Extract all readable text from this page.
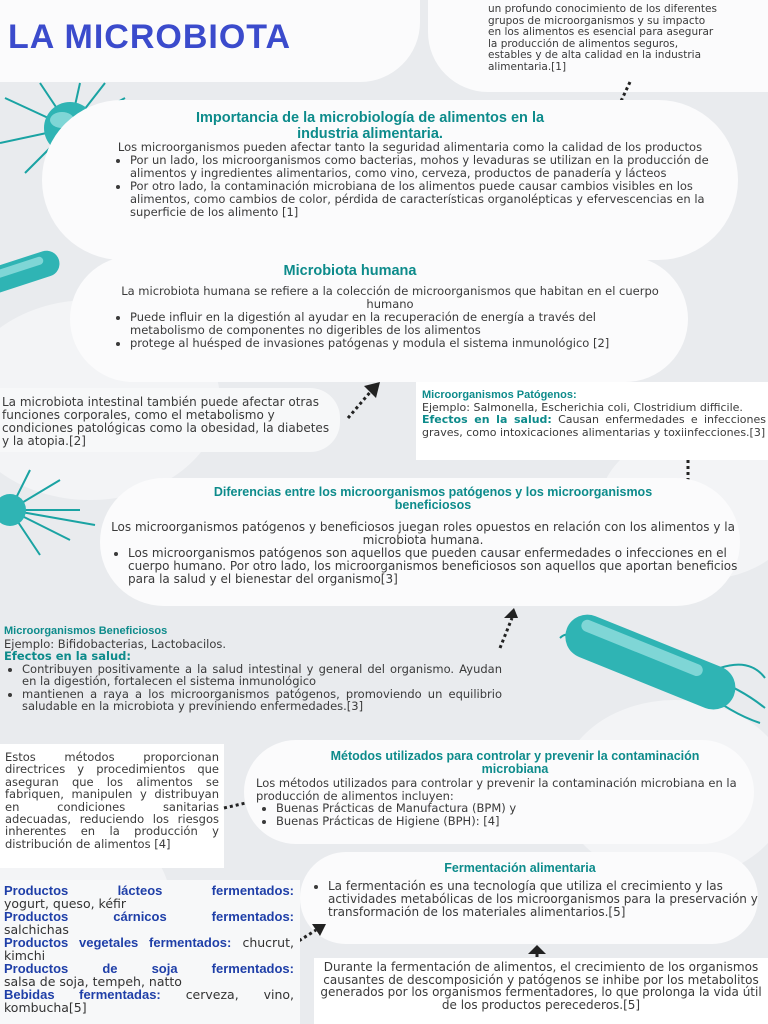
LA MICROBIOTA
un profundo conocimiento de los diferentes grupos de microorganismos y su impacto en los alimentos es esencial para asegurar la producción de alimentos seguros, estables y de alta calidad en la industria alimentaria.[1]
Importancia de la microbiología de alimentos en la industria alimentaria.
Los microorganismos pueden afectar tanto la seguridad alimentaria como la calidad de los productos
• Por un lado, los microorganismos como bacterias, mohos y levaduras se utilizan en la producción de alimentos y ingredientes alimentarios, como vino, cerveza, productos de panadería y lácteos
• Por otro lado, la contaminación microbiana de los alimentos puede causar cambios visibles en los alimentos, como cambios de color, pérdida de características organolépticas y efervescencias en la superficie de los alimento [1]
Microbiota humana
La microbiota humana se refiere a la colección de microorganismos que habitan en el cuerpo humano
• Puede influir en la digestión al ayudar en la recuperación de energía a través del metabolismo de componentes no digeribles de los alimentos
• protege al huésped de invasiones patógenas y modula el sistema inmunológico [2]
La microbiota intestinal también puede afectar otras funciones corporales, como el metabolismo y condiciones patológicas como la obesidad, la diabetes y la atopia.[2]
Microorganismos Patógenos:
Ejemplo: Salmonella, Escherichia coli, Clostridium difficile.
Efectos en la salud: Causan enfermedades e infecciones graves, como intoxicaciones alimentarias y toxiinfecciones.[3]
Diferencias entre los microorganismos patógenos y los microorganismos beneficiosos
Los microorganismos patógenos y beneficiosos juegan roles opuestos en relación con los alimentos y la microbiota humana.
• Los microorganismos patógenos son aquellos que pueden causar enfermedades o infecciones en el cuerpo humano. Por otro lado, los microorganismos beneficiosos son aquellos que aportan beneficios para la salud y el bienestar del organismo[3]
Microorganismos Beneficiosos
Ejemplo: Bifidobacterias, Lactobacilos.
Efectos en la salud:
• Contribuyen positivamente a la salud intestinal y general del organismo. Ayudan en la digestión, fortalecen el sistema inmunológico
• mantienen a raya a los microorganismos patógenos, promoviendo un equilibrio saludable en la microbiota y previniendo enfermedades.[3]
Estos métodos proporcionan directrices y procedimientos que aseguran que los alimentos se fabriquen, manipulen y distribuyan en condiciones sanitarias adecuadas, reduciendo los riesgos inherentes en la producción y distribución de alimentos [4]
Métodos utilizados para controlar y prevenir la contaminación microbiana
Los métodos utilizados para controlar y prevenir la contaminación microbiana en la producción de alimentos incluyen:
• Buenas Prácticas de Manufactura (BPM) y
• Buenas Prácticas de Higiene (BPH): [4]
Fermentación alimentaria
• La fermentación es una tecnología que utiliza el crecimiento y las actividades metabólicas de los microorganismos para la preservación y transformación de los materiales alimentarios.[5]
Productos lácteos fermentados:
yogurt, queso, kéfir
Productos cárnicos fermentados:
salchichas
Productos vegetales fermentados: chucrut, kimchi
Productos de soja fermentados:
salsa de soja, tempeh, natto
Bebidas fermentadas: cerveza, vino, kombucha[5]
Durante la fermentación de alimentos, el crecimiento de los organismos causantes de descomposición y patógenos se inhibe por los metabolitos generados por los organismos fermentadores, lo que prolonga la vida útil de los productos perecederos.[5]
